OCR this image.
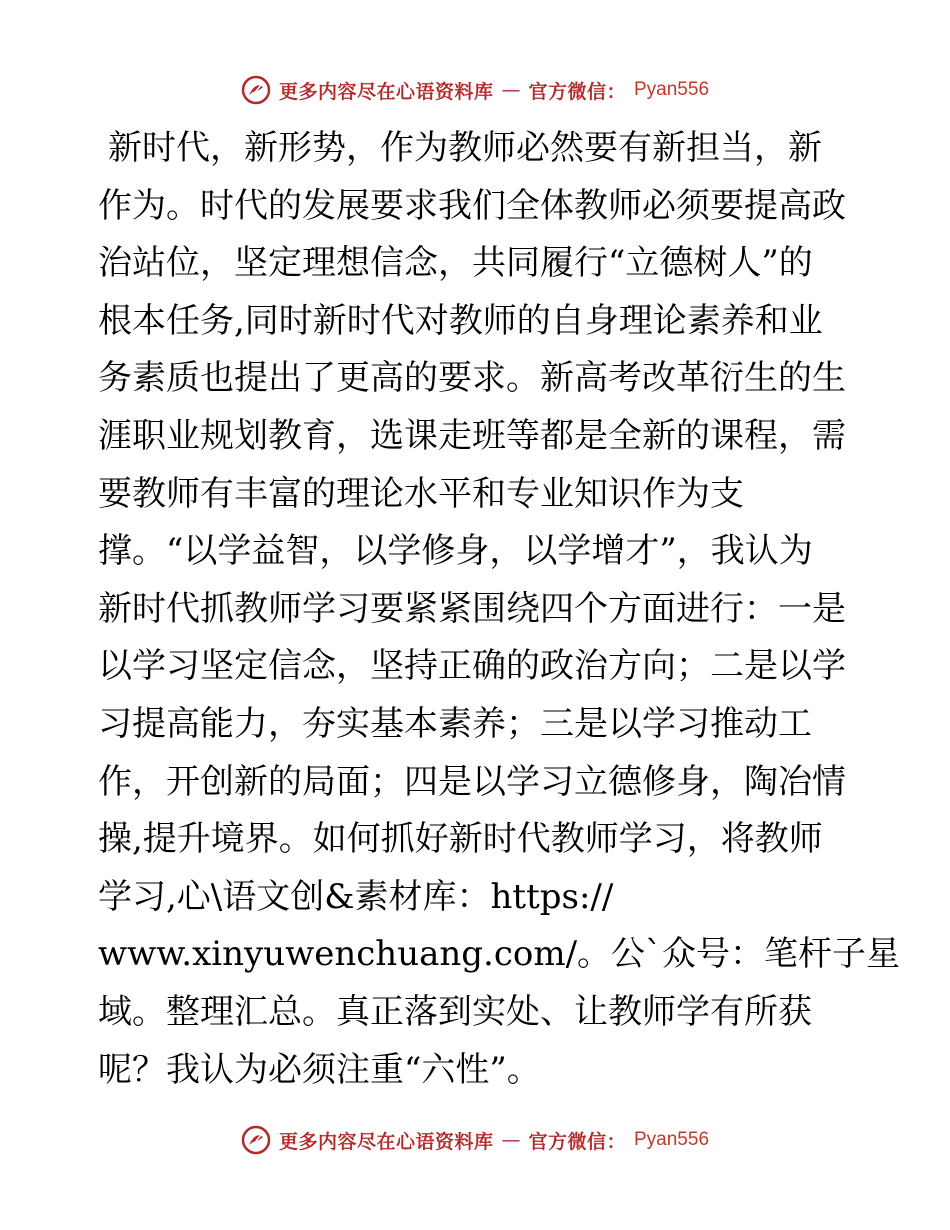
更多内容尽在心语资料库 — 官方微信： Pyan556
新时代，新形势，作为教师必然要有新担当，新
作为。时代的发展要求我们全体教师必须要提高政
治站位，坚定理想信念，共同履行“立德树人”的
根本任务,同时新时代对教师的自身理论素养和业
务素质也提出了更高的要求。新高考改革衍生的生
涯职业规划教育，选课走班等都是全新的课程，需
要教师有丰富的理论水平和专业知识作为支
撑。“以学益智，以学修身，以学增才”，我认为
新时代抓教师学习要紧紧围绕四个方面进行：一是
以学习坚定信念，坚持正确的政治方向；二是以学
习提高能力，夯实基本素养；三是以学习推动工
作，开创新的局面；四是以学习立德修身，陶冶情
操,提升境界。如何抓好新时代教师学习，将教师
学习,心\语文创&素材库：https://
www.xinyuwenchuang.com/。公`众号：笔杆子星
域。整理汇总。真正落到实处、让教师学有所获
呢？我认为必须注重“六性”。
更多内容尽在心语资料库 — 官方微信： Pyan556
